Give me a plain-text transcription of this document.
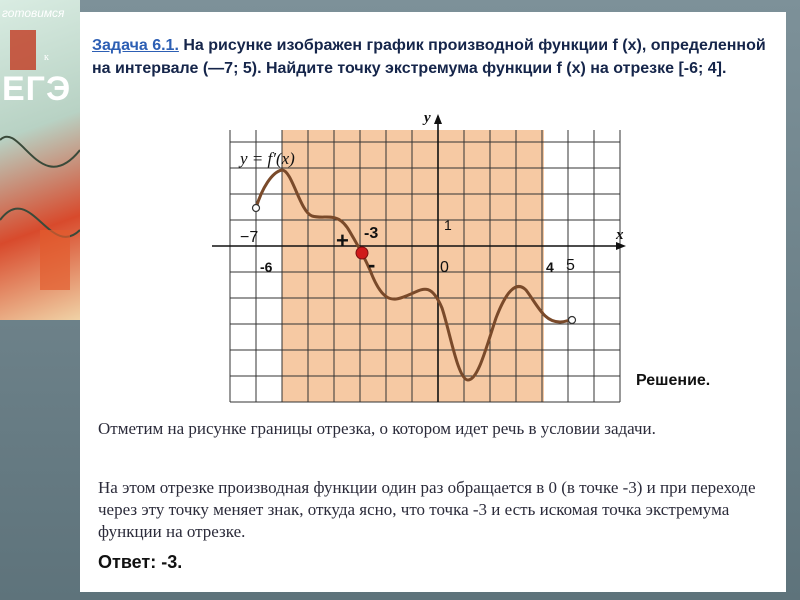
готовимся
к
ЕГЭ
Задача 6.1. На рисунке изображен график производной функции f (x), определенной на интервале (—7; 5). Найдите точку экстремума функции f (x) на отрезке [-6; 4].
y
x
y = f′(x)
−7
-6	0
1
4 5
-3
+
-
Решение.
Отметим на рисунке границы отрезка, о котором идет речь в условии задачи.
На этом отрезке производная функции один раз обращается в 0 (в точке -3) и при переходе через эту точку меняет знак, откуда ясно, что точка -3 и есть искомая точка экстремума функции на отрезке.
Ответ: -3.
